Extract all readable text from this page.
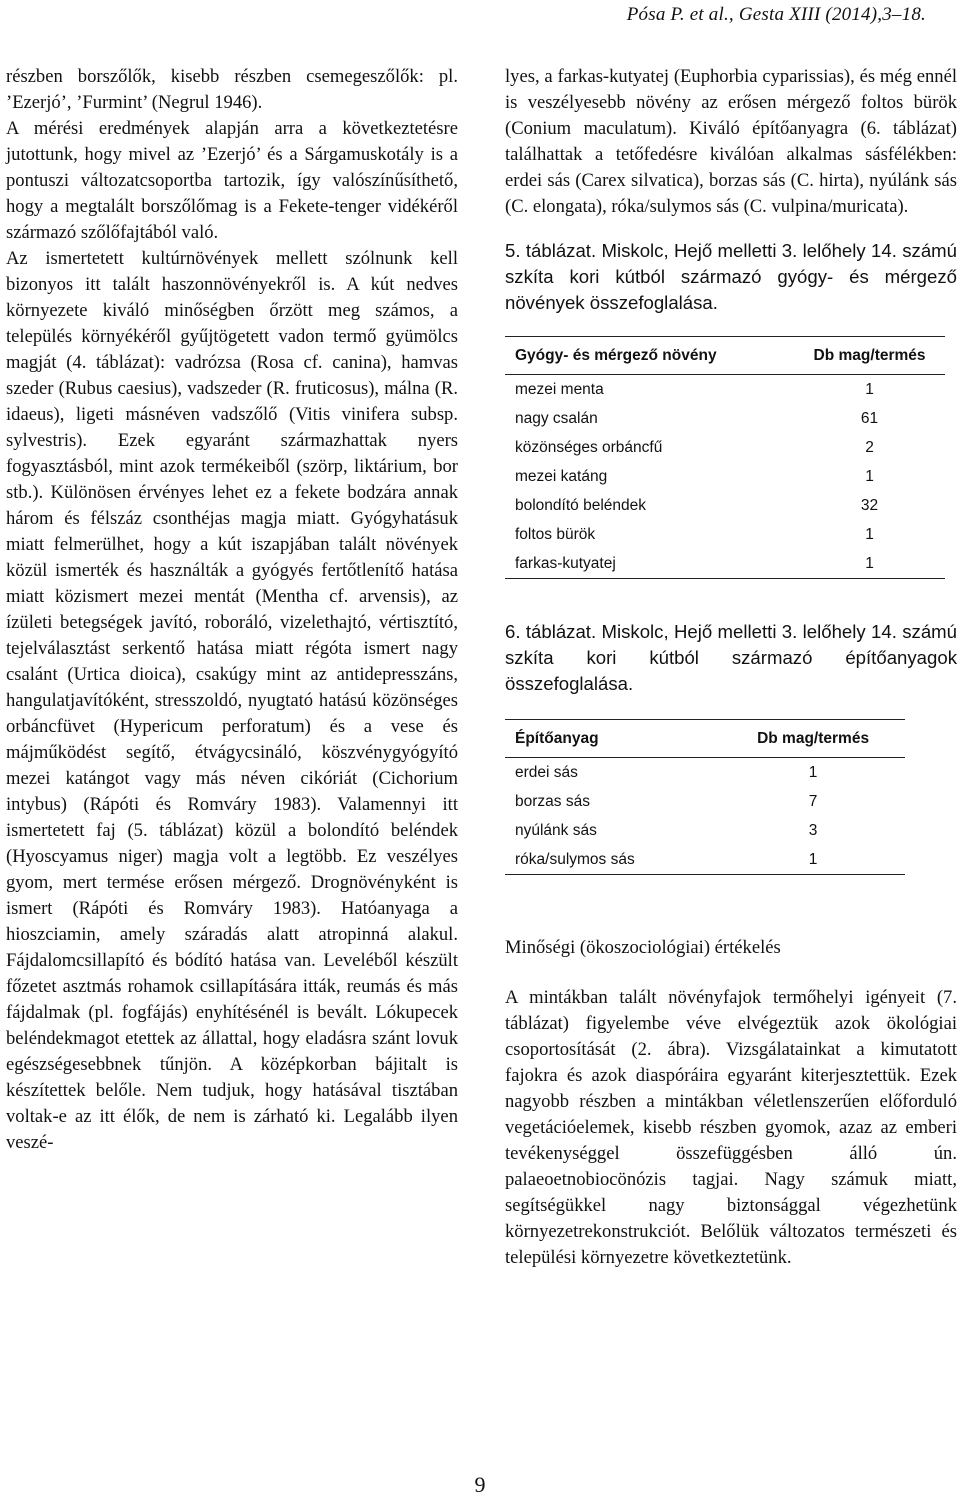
Pósa P. et al., Gesta XIII (2014),3–18.

részben borszőlők, kisebb részben csemegeszőlők: pl. ’Ezerjó’, ’Furmint’ (Negrul 1946).

A mérési eredmények alapján arra a következtetésre jutottunk, hogy mivel az ’Ezerjó’ és a Sárgamuskotály is a pontuszi változatcsoportba tartozik, így valószínűsíthető, hogy a megtalált borszőlőmag is a Fekete-tenger vidékéről származó szőlőfajtából való.

Az ismertetett kultúrnövények mellett szólnunk kell bizonyos itt talált haszonnövényekről is. A kút nedves környezete kiváló minőségben őrzött meg számos, a település környékéről gyűjtögetett vadon termő gyümölcs magját (4. táblázat): vadrózsa (Rosa cf. canina), hamvas szeder (Rubus caesius), vadszeder (R. fruticosus), málna (R. idaeus), ligeti másnéven vadszőlő (Vitis vinifera subsp. sylvestris). Ezek egyaránt származhattak nyers fogyasztásból, mint azok termékeiből (szörp, liktárium, bor stb.). Különösen érvényes lehet ez a fekete bodzára annak három és félszáz csonthéjas magja miatt. Gyógyhatásuk miatt felmerülhet, hogy a kút iszapjában talált növények közül ismerték és használták a gyógyés fertőtlenítő hatása miatt közismert mezei mentát (Mentha cf. arvensis), az ízületi betegségek javító, roboráló, vizelethajtó, vértisztító, tejelválasztást serkentő hatása miatt régóta ismert nagy csalánt (Urtica dioica), csakúgy mint az antidepresszáns, hangulatjavítóként, stresszoldó, nyugtató hatású közönséges orbáncfüvet (Hypericum perforatum) és a vese és májműködést segítő, étvágycsináló, köszvénygyógyító mezei katángot vagy más néven cikóriát (Cichorium intybus) (Rápóti és Romváry 1983). Valamennyi itt ismertetett faj (5. táblázat) közül a bolondító beléndek (Hyoscyamus niger) magja volt a legtöbb. Ez veszélyes gyom, mert termése erősen mérgező. Drognövényként is ismert (Rápóti és Romváry 1983). Hatóanyaga a hioszciamin, amely száradás alatt atropinná alakul. Fájdalomcsillapító és bódító hatása van. Leveléből készült főzetet asztmás rohamok csillapítására itták, reumás és más fájdalmak (pl. fogfájás) enyhítésénél is bevált. Lókupecek beléndekmagot etettek az állattal, hogy eladásra szánt lovuk egészségesebbnek tűnjön. A középkorban bájitalt is készítettek belőle. Nem tudjuk, hogy hatásával tisztában voltak-e az itt élők, de nem is zárható ki. Legalább ilyen veszé-

lyes, a farkas-kutyatej (Euphorbia cyparissias), és még ennél is veszélyesebb növény az erősen mérgező foltos bürök (Conium maculatum). Kiváló építőanyagra (6. táblázat) találhattak a tetőfedésre kiválóan alkalmas sásfélékben: erdei sás (Carex silvatica), borzas sás (C. hirta), nyúlánk sás (C. elongata), róka/sulymos sás (C. vulpina/muricata).

5. táblázat. Miskolc, Hejő melletti 3. lelőhely 14. számú szkíta kori kútból származó gyógy- és mérgező növények összefoglalása.

Gyógy- és mérgező növény	Db mag/termés
mezei menta	1
nagy csalán	61
közönséges orbáncfű	2
mezei katáng	1
bolondító beléndek	32
foltos bürök	1
farkas-kutyatej	1

6. táblázat. Miskolc, Hejő melletti 3. lelőhely 14. számú szkíta kori kútból származó építőanyagok összefoglalása.

Építőanyag	Db mag/termés
erdei sás	1
borzas sás	7
nyúlánk sás	3
róka/sulymos sás	1

Minőségi (ökoszociológiai) értékelés

A mintákban talált növényfajok termőhelyi igényeit (7. táblázat) figyelembe véve elvégeztük azok ökológiai csoportosítását (2. ábra). Vizsgálatainkat a kimutatott fajokra és azok diaspóráira egyaránt kiterjesztettük. Ezek nagyobb részben a mintákban véletlenszerűen előforduló vegetációelemek, kisebb részben gyomok, azaz az emberi tevékenységgel összefüggésben álló ún. palaeoetnobiocönózis tagjai. Nagy számuk miatt, segítségükkel nagy biztonsággal végezhetünk környezetrekonstrukciót. Belőlük változatos természeti és települési környezetre következtetünk.

9
